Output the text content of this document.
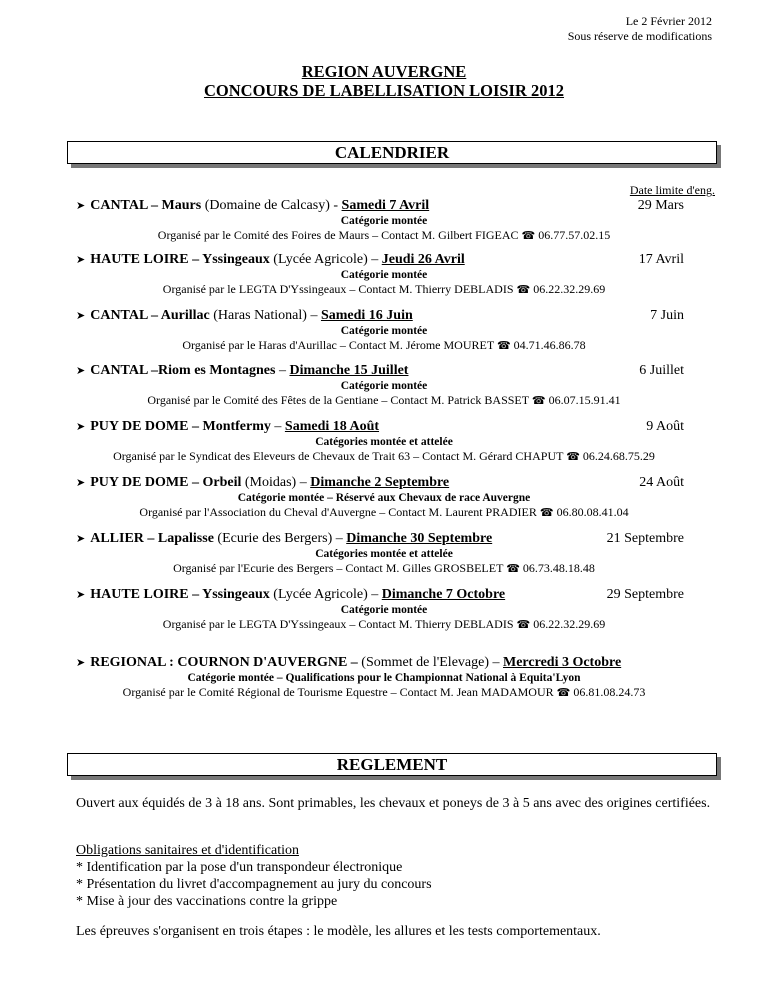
Le 2 Février 2012
Sous réserve de modifications
REGION AUVERGNE
CONCOURS DE LABELLISATION LOISIR 2012
CALENDRIER
Date limite d'eng.
➤ CANTAL – Maurs (Domaine de Calcasy) - Samedi 7 Avril	29 Mars
Catégorie montée
Organisé par le Comité des Foires de Maurs – Contact M. Gilbert FIGEAC ☎ 06.77.57.02.15
➤ HAUTE LOIRE – Yssingeaux (Lycée Agricole) – Jeudi 26 Avril	17 Avril
Catégorie montée
Organisé par le LEGTA D'Yssingeaux – Contact M. Thierry DEBLADIS ☎ 06.22.32.29.69
➤ CANTAL – Aurillac (Haras National) – Samedi 16 Juin	7 Juin
Catégorie montée
Organisé par le Haras d'Aurillac – Contact M. Jérome MOURET ☎ 04.71.46.86.78
➤ CANTAL –Riom es Montagnes – Dimanche 15 Juillet	6 Juillet
Catégorie montée
Organisé par le Comité des Fêtes de la Gentiane – Contact M. Patrick BASSET ☎ 06.07.15.91.41
➤ PUY DE DOME – Montfermy – Samedi 18 Août	9 Août
Catégories montée et attelée
Organisé par le Syndicat des Eleveurs de Chevaux de Trait 63 – Contact M. Gérard CHAPUT ☎ 06.24.68.75.29
➤ PUY DE DOME – Orbeil (Moidas) – Dimanche 2 Septembre	24 Août
Catégorie montée – Réservé aux Chevaux de race Auvergne
Organisé par l'Association du Cheval d'Auvergne – Contact M. Laurent PRADIER ☎ 06.80.08.41.04
➤ ALLIER – Lapalisse (Ecurie des Bergers) – Dimanche 30 Septembre	21 Septembre
Catégories montée et attelée
Organisé par l'Ecurie des Bergers – Contact M. Gilles GROSBELET ☎ 06.73.48.18.48
➤ HAUTE LOIRE – Yssingeaux (Lycée Agricole) – Dimanche 7 Octobre	29 Septembre
Catégorie montée
Organisé par le LEGTA D'Yssingeaux – Contact M. Thierry DEBLADIS ☎ 06.22.32.29.69
➤ REGIONAL : COURNON D'AUVERGNE – (Sommet de l'Elevage) – Mercredi 3 Octobre
Catégorie montée – Qualifications pour le Championnat National à Equita'Lyon
Organisé par le Comité Régional de Tourisme Equestre – Contact M. Jean MADAMOUR ☎ 06.81.08.24.73
REGLEMENT
Ouvert aux équidés de 3 à 18 ans. Sont primables, les chevaux et poneys de 3 à 5 ans avec des origines certifiées.
Obligations sanitaires et d'identification
* Identification par la pose d'un transpondeur électronique
* Présentation du livret d'accompagnement au jury du concours
* Mise à jour des vaccinations contre la grippe
Les épreuves s'organisent en trois étapes : le modèle, les allures et les tests comportementaux.
